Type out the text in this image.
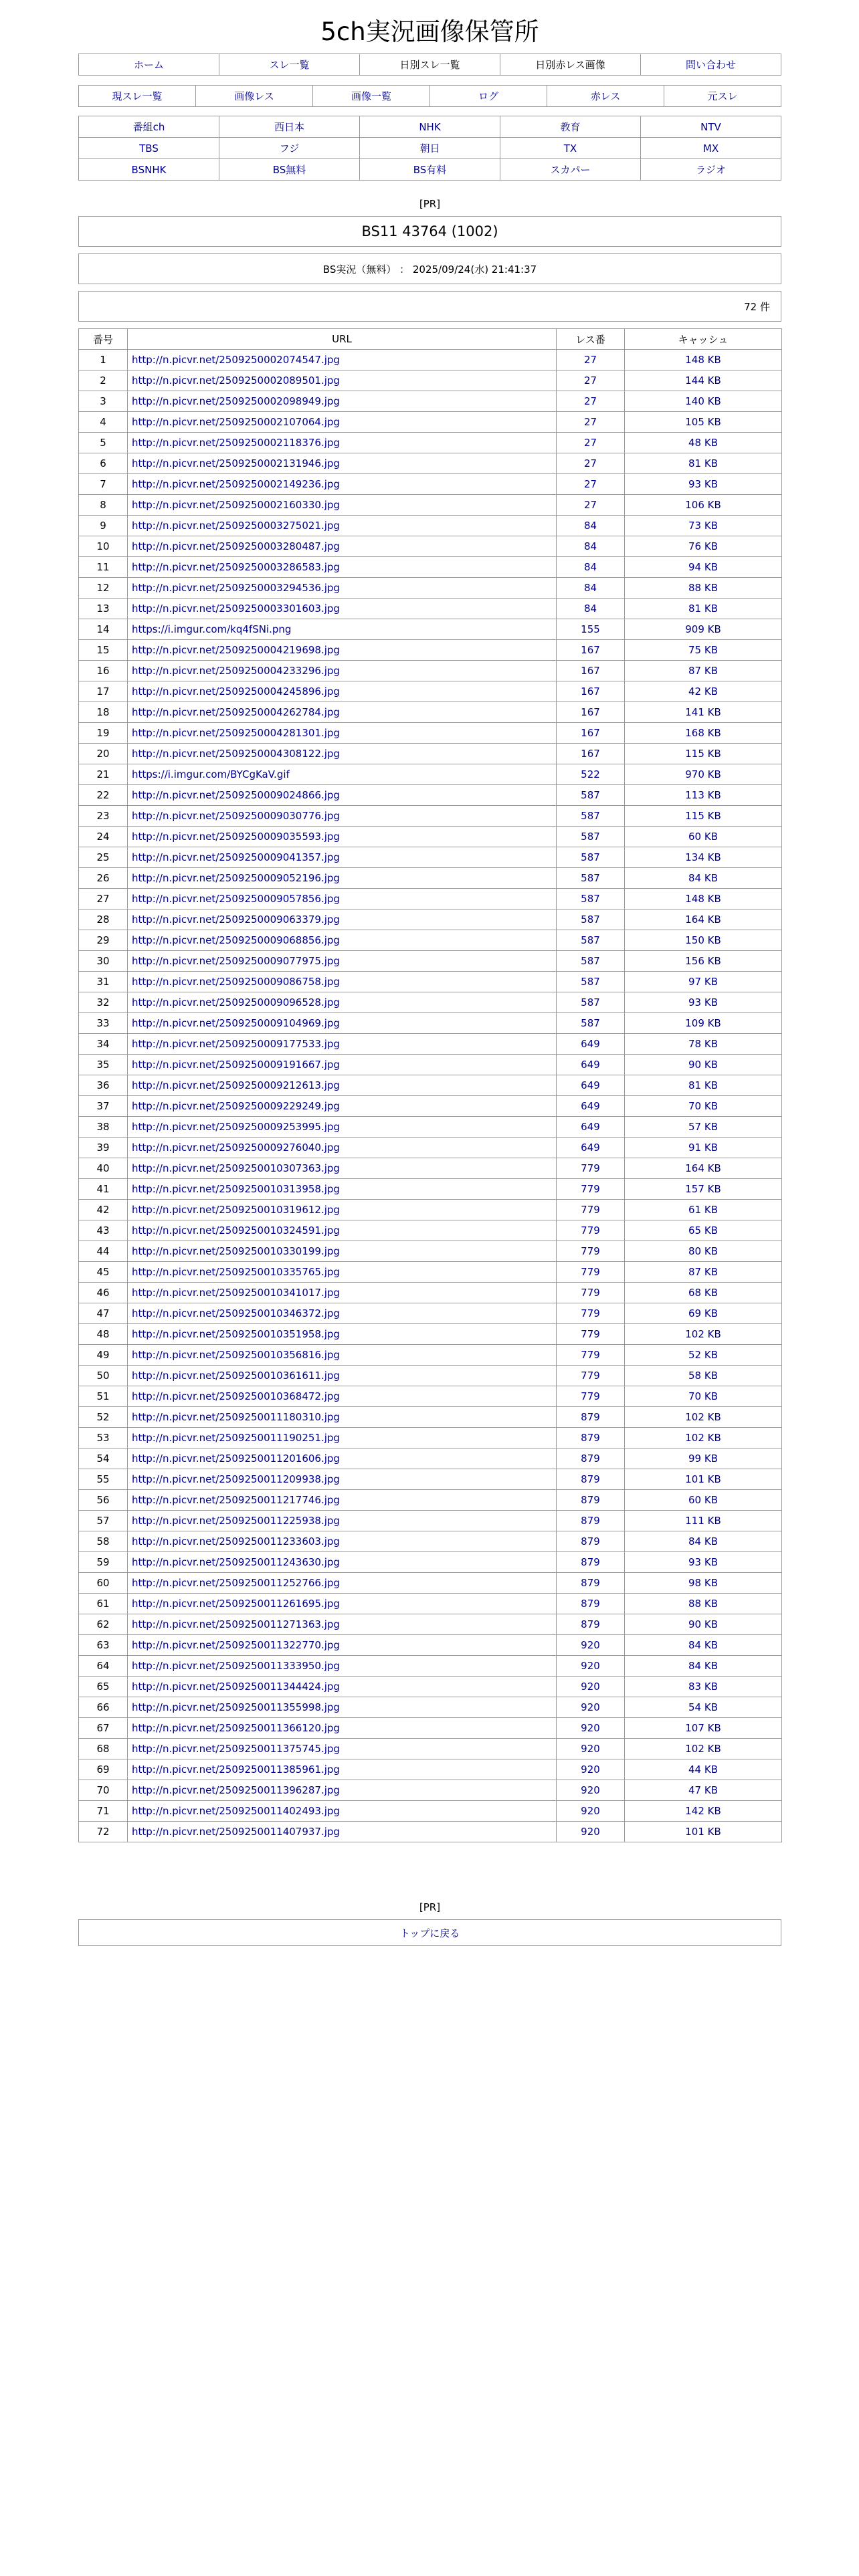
5ch実況画像保管所
ホーム	スレ一覧	日別スレ一覧	日別赤レス画像	問い合わせ
現スレ一覧	画像レス	画像一覧	ログ	赤レス	元スレ
番組ch	西日本	NHK	教育	NTV
TBS	フジ	朝日	TX	MX
BSNHK	BS無料	BS有料	スカパー	ラジオ
[PR]
BS11 43764 (1002)
BS実況（無料） ： 2025/09/24(水) 21:41:37
72 件
番号	URL	レス番	キャッシュ
1	http://n.picvr.net/2509250002074547.jpg	27	148 KB
2	http://n.picvr.net/2509250002089501.jpg	27	144 KB
3	http://n.picvr.net/2509250002098949.jpg	27	140 KB
4	http://n.picvr.net/2509250002107064.jpg	27	105 KB
5	http://n.picvr.net/2509250002118376.jpg	27	48 KB
6	http://n.picvr.net/2509250002131946.jpg	27	81 KB
7	http://n.picvr.net/2509250002149236.jpg	27	93 KB
8	http://n.picvr.net/2509250002160330.jpg	27	106 KB
9	http://n.picvr.net/2509250003275021.jpg	84	73 KB
10	http://n.picvr.net/2509250003280487.jpg	84	76 KB
11	http://n.picvr.net/2509250003286583.jpg	84	94 KB
12	http://n.picvr.net/2509250003294536.jpg	84	88 KB
13	http://n.picvr.net/2509250003301603.jpg	84	81 KB
14	https://i.imgur.com/kq4fSNi.png	155	909 KB
15	http://n.picvr.net/2509250004219698.jpg	167	75 KB
16	http://n.picvr.net/2509250004233296.jpg	167	87 KB
17	http://n.picvr.net/2509250004245896.jpg	167	42 KB
18	http://n.picvr.net/2509250004262784.jpg	167	141 KB
19	http://n.picvr.net/2509250004281301.jpg	167	168 KB
20	http://n.picvr.net/2509250004308122.jpg	167	115 KB
21	https://i.imgur.com/BYCgKaV.gif	522	970 KB
22	http://n.picvr.net/2509250009024866.jpg	587	113 KB
23	http://n.picvr.net/2509250009030776.jpg	587	115 KB
24	http://n.picvr.net/2509250009035593.jpg	587	60 KB
25	http://n.picvr.net/2509250009041357.jpg	587	134 KB
26	http://n.picvr.net/2509250009052196.jpg	587	84 KB
27	http://n.picvr.net/2509250009057856.jpg	587	148 KB
28	http://n.picvr.net/2509250009063379.jpg	587	164 KB
29	http://n.picvr.net/2509250009068856.jpg	587	150 KB
30	http://n.picvr.net/2509250009077975.jpg	587	156 KB
31	http://n.picvr.net/2509250009086758.jpg	587	97 KB
32	http://n.picvr.net/2509250009096528.jpg	587	93 KB
33	http://n.picvr.net/2509250009104969.jpg	587	109 KB
34	http://n.picvr.net/2509250009177533.jpg	649	78 KB
35	http://n.picvr.net/2509250009191667.jpg	649	90 KB
36	http://n.picvr.net/2509250009212613.jpg	649	81 KB
37	http://n.picvr.net/2509250009229249.jpg	649	70 KB
38	http://n.picvr.net/2509250009253995.jpg	649	57 KB
39	http://n.picvr.net/2509250009276040.jpg	649	91 KB
40	http://n.picvr.net/2509250010307363.jpg	779	164 KB
41	http://n.picvr.net/2509250010313958.jpg	779	157 KB
42	http://n.picvr.net/2509250010319612.jpg	779	61 KB
43	http://n.picvr.net/2509250010324591.jpg	779	65 KB
44	http://n.picvr.net/2509250010330199.jpg	779	80 KB
45	http://n.picvr.net/2509250010335765.jpg	779	87 KB
46	http://n.picvr.net/2509250010341017.jpg	779	68 KB
47	http://n.picvr.net/2509250010346372.jpg	779	69 KB
48	http://n.picvr.net/2509250010351958.jpg	779	102 KB
49	http://n.picvr.net/2509250010356816.jpg	779	52 KB
50	http://n.picvr.net/2509250010361611.jpg	779	58 KB
51	http://n.picvr.net/2509250010368472.jpg	779	70 KB
52	http://n.picvr.net/2509250011180310.jpg	879	102 KB
53	http://n.picvr.net/2509250011190251.jpg	879	102 KB
54	http://n.picvr.net/2509250011201606.jpg	879	99 KB
55	http://n.picvr.net/2509250011209938.jpg	879	101 KB
56	http://n.picvr.net/2509250011217746.jpg	879	60 KB
57	http://n.picvr.net/2509250011225938.jpg	879	111 KB
58	http://n.picvr.net/2509250011233603.jpg	879	84 KB
59	http://n.picvr.net/2509250011243630.jpg	879	93 KB
60	http://n.picvr.net/2509250011252766.jpg	879	98 KB
61	http://n.picvr.net/2509250011261695.jpg	879	88 KB
62	http://n.picvr.net/2509250011271363.jpg	879	90 KB
63	http://n.picvr.net/2509250011322770.jpg	920	84 KB
64	http://n.picvr.net/2509250011333950.jpg	920	84 KB
65	http://n.picvr.net/2509250011344424.jpg	920	83 KB
66	http://n.picvr.net/2509250011355998.jpg	920	54 KB
67	http://n.picvr.net/2509250011366120.jpg	920	107 KB
68	http://n.picvr.net/2509250011375745.jpg	920	102 KB
69	http://n.picvr.net/2509250011385961.jpg	920	44 KB
70	http://n.picvr.net/2509250011396287.jpg	920	47 KB
71	http://n.picvr.net/2509250011402493.jpg	920	142 KB
72	http://n.picvr.net/2509250011407937.jpg	920	101 KB
[PR]
トップに戻る
